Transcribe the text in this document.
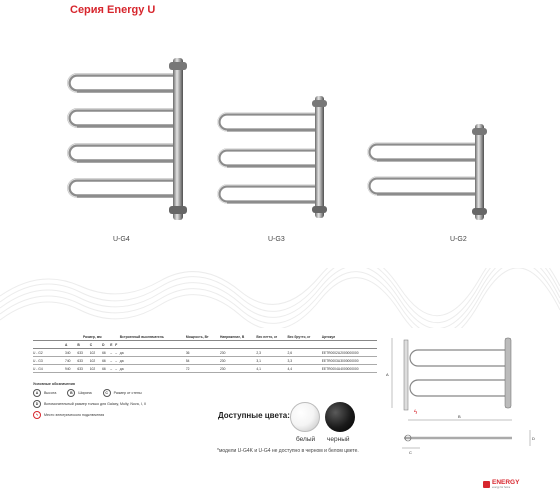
Серия Energy U
U-G4	U-G3	U-G2
	Размер, мм						Встроенный выключатель	Мощность, Вт	Напряжение, В	Вес нетто, кг	Вес брутто, кг	Артикул
	A	B	C	D	E	F						
U - G2	340	633	102	66	–	–	да	36	230	2,3	2,6	EETR0002U2000000000
U - G3	740	633	102	66	–	–	да	54	230	3,1	3,3	EETR0003U3000000000
U - G4	940	633	102	66	–	–	да	72	230	4,1	4,4	EETR0004U4000000000
Условные обозначения
A	Высота	B	Ширина	C	Размер от стены
D	Вспомогательный размер только для Galaxy, Multy, Nova, I, II
ϟ	Место электрического подключения	Доступные цвета:
белый черный
*модели U-G4K и U-G4 не доступно в черном и белом цвете.
ϟ
A
B
C
D
ENERGY
energy for home
